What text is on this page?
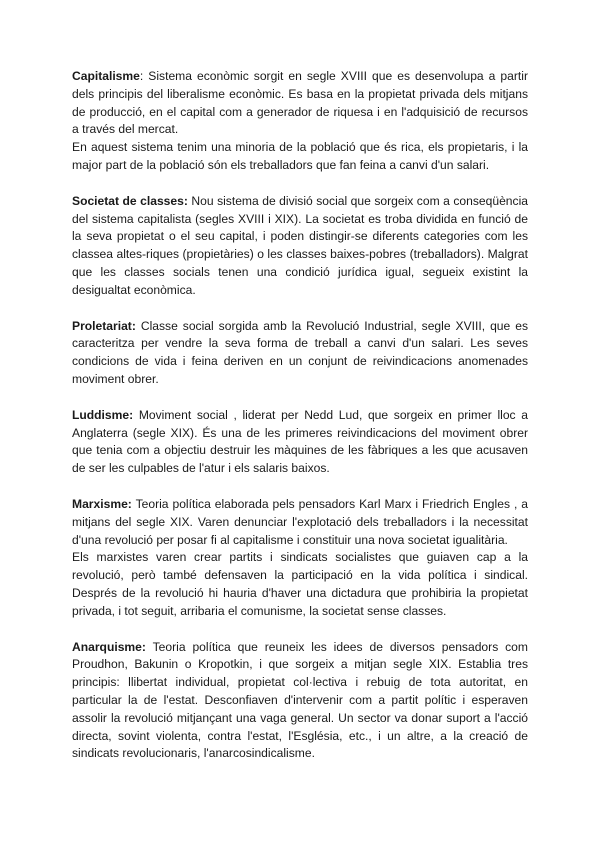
Capitalisme: Sistema econòmic sorgit en segle XVIII que es desenvolupa a partir dels principis del liberalisme econòmic. Es basa en la propietat privada dels mitjans de producció, en el capital com a generador de riquesa i en l'adquisició de recursos a través del mercat.

En aquest sistema tenim una minoria de la població que és rica, els propietaris, i la major part de la població són els treballadors que fan feina a canvi d'un salari.

Societat de classes: Nou sistema de divisió social que sorgeix com a conseqüència del sistema capitalista (segles XVIII i XIX). La societat es troba dividida en funció de la seva propietat o el seu capital, i poden distingir-se diferents categories com les classea altes-riques (propietàries) o les classes baixes-pobres (treballadors). Malgrat que les classes socials tenen una condició jurídica igual, segueix existint la desigualtat econòmica.

Proletariat: Classe social sorgida amb la Revolució Industrial, segle XVIII, que es caracteritza per vendre la seva forma de treball a canvi d'un salari. Les seves condicions de vida i feina deriven en un conjunt de reivindicacions anomenades moviment obrer.

Luddisme: Moviment social , liderat per Nedd Lud, que sorgeix en primer lloc a Anglaterra (segle XIX). És una de les primeres reivindicacions del moviment obrer que tenia com a objectiu destruir les màquines de les fàbriques a les que acusaven de ser les culpables de l'atur i els salaris baixos.

Marxisme: Teoria política elaborada pels pensadors Karl Marx i Friedrich Engles , a mitjans del segle XIX. Varen denunciar l'explotació dels treballadors i la necessitat d'una revolució per posar fi al capitalisme i constituir una nova societat igualitària.

Els marxistes varen crear partits i sindicats socialistes que guiaven cap a la revolució, però també defensaven la participació en la vida política i sindical. Després de la revolució hi hauria d'haver una dictadura que prohibiria la propietat privada, i tot seguit, arribaria el comunisme, la societat sense classes.

Anarquisme: Teoria política que reuneix les idees de diversos pensadors com Proudhon, Bakunin o Kropotkin, i que sorgeix a mitjan segle XIX. Establia tres principis: llibertat individual, propietat col·lectiva i rebuig de tota autoritat, en particular la de l'estat. Desconfiaven d'intervenir com a partit polític i esperaven assolir la revolució mitjançant una vaga general. Un sector va donar suport a l'acció directa, sovint violenta, contra l'estat, l'Església, etc., i un altre, a la creació de sindicats revolucionaris, l'anarcosindicalisme.
